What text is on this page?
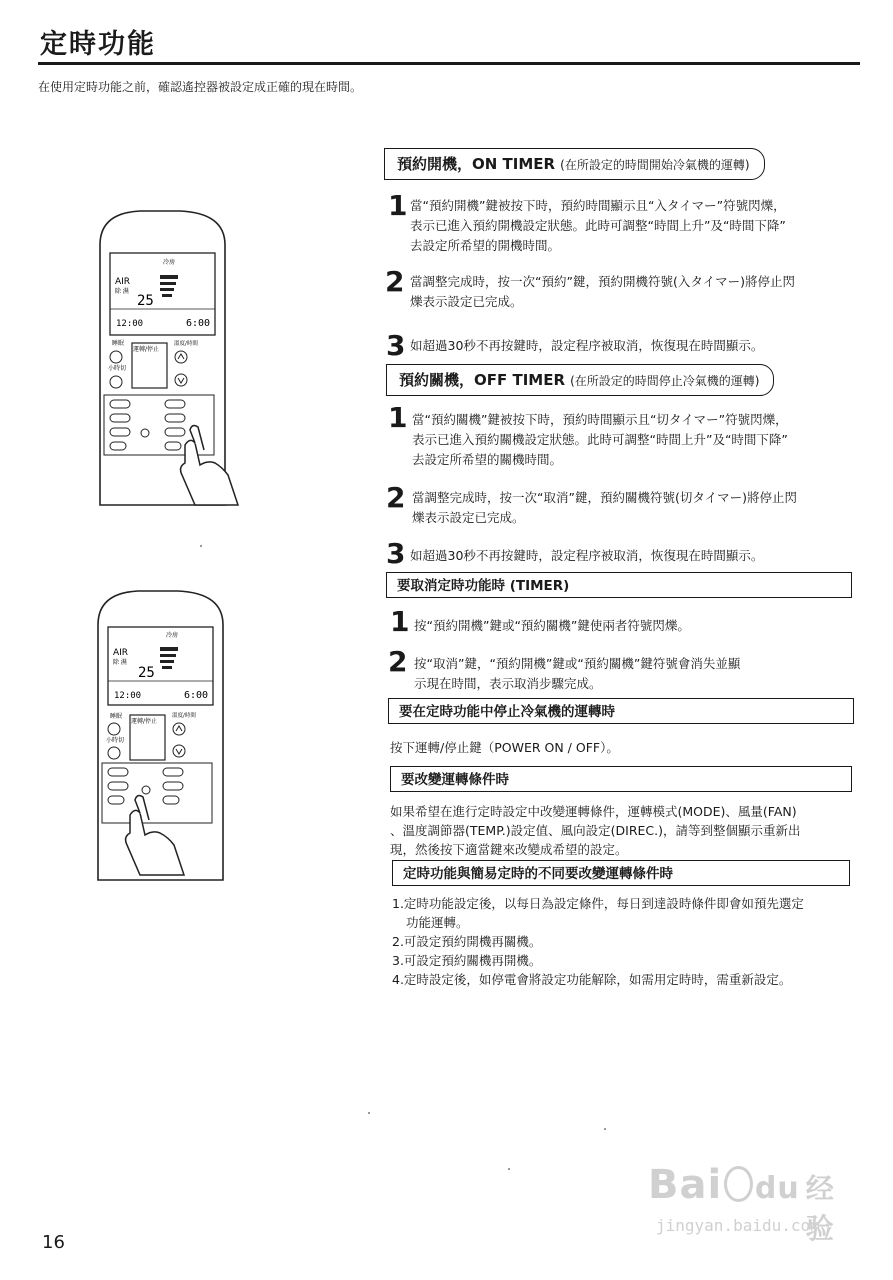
定時功能
在使用定時功能之前，確認遙控器被設定成正確的現在時間。
冷房
AIR
除 濕
25
12:00	6:00
睡眠
小時切
運轉/停止
溫度/時間
冷房
AIR
除 濕
25
12:00	6:00
睡眠
小時切
運轉/停止
溫度/時間
預約開機，ON TIMER (在所設定的時間開始冷氣機的運轉)
1 當“預約開機”鍵被按下時，預約時間顯示且“入タイマー”符號閃爍，
表示已進入預約開機設定狀態。此時可調整“時間上升”及“時間下降”
去設定所希望的開機時間。
2 當調整完成時，按一次“預約”鍵，預約開機符號(入タイマー)將停止閃
爍表示設定已完成。
3 如超過30秒不再按鍵時，設定程序被取消，恢復現在時間顯示。
預約關機，OFF TIMER (在所設定的時間停止冷氣機的運轉)
1 當“預約關機”鍵被按下時，預約時間顯示且“切タイマー”符號閃爍，
表示已進入預約關機設定狀態。此時可調整“時間上升”及“時間下降”
去設定所希望的關機時間。
2 當調整完成時，按一次“取消”鍵，預約關機符號(切タイマー)將停止閃
爍表示設定已完成。
3 如超過30秒不再按鍵時，設定程序被取消，恢復現在時間顯示。
要取消定時功能時 (TIMER)
1 按“預約開機”鍵或“預約關機”鍵使兩者符號閃爍。
2 按“取消”鍵，“預約開機”鍵或“預約關機”鍵符號會消失並顯
示現在時間，表示取消步驟完成。
要在定時功能中停止冷氣機的運轉時
按下運轉/停止鍵（POWER ON / OFF）。
要改變運轉條件時
如果希望在進行定時設定中改變運轉條件，運轉模式(MODE)、風量(FAN)
、溫度調節器(TEMP.)設定值、風向設定(DIREC.)，請等到整個顯示重新出
現，然後按下適當鍵來改變成希望的設定。
定時功能與簡易定時的不同要改變運轉條件時
1.定時功能設定後，以每日為設定條件，每日到達設時條件即會如預先選定
功能運轉。
2.可設定預約開機再關機。
3.可設定預約關機再開機。
4.定時設定後，如停電會將設定功能解除，如需用定時時，需重新設定。
Bai du 经验
jingyan.baidu.com
16
